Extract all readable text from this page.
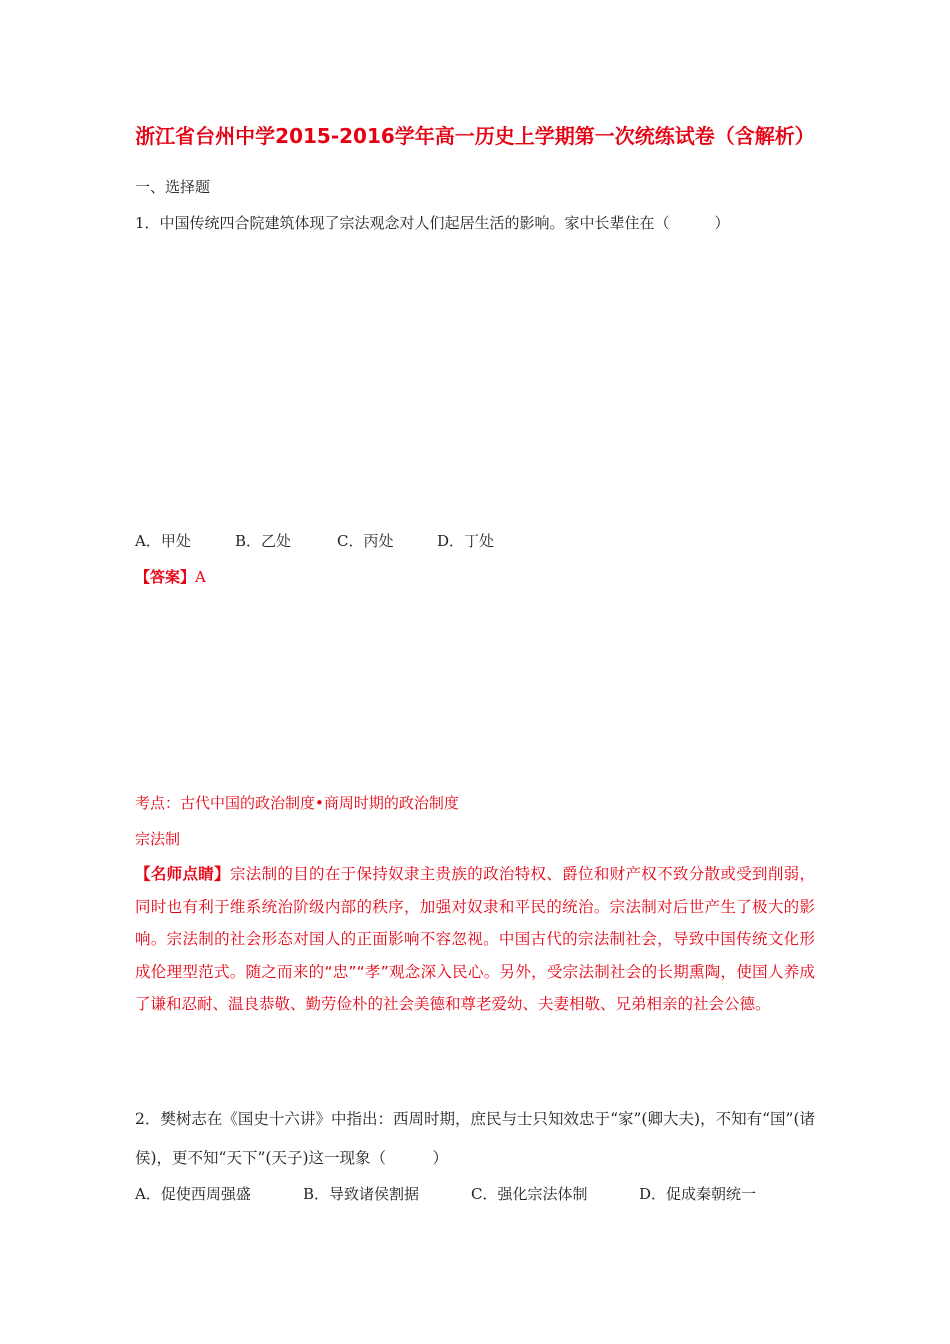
浙江省台州中学2015-2016学年高一历史上学期第一次统练试卷（含解析）
一、选择题
1．中国传统四合院建筑体现了宗法观念对人们起居生活的影响。家中长辈住在（　　　）
A．甲处	B．乙处	C．丙处	D．丁处
【答案】A
考点：古代中国的政治制度•商周时期的政治制度
宗法制
【名师点睛】宗法制的目的在于保持奴隶主贵族的政治特权、爵位和财产权不致分散或受到削弱，同时也有利于维系统治阶级内部的秩序，加强对奴隶和平民的统治。宗法制对后世产生了极大的影响。宗法制的社会形态对国人的正面影响不容忽视。中国古代的宗法制社会，导致中国传统文化形成伦理型范式。随之而来的“忠”“孝”观念深入民心。另外，受宗法制社会的长期熏陶，使国人养成了谦和忍耐、温良恭敬、勤劳俭朴的社会美德和尊老爱幼、夫妻相敬、兄弟相亲的社会公德。
2．樊树志在《国史十六讲》中指出：西周时期，庶民与士只知效忠于“家”(卿大夫)，不知有“国”(诸侯)，更不知“天下”(天子)这一现象（　　　）
A．促使西周强盛	B．导致诸侯割据	C．强化宗法体制	D．促成秦朝统一
